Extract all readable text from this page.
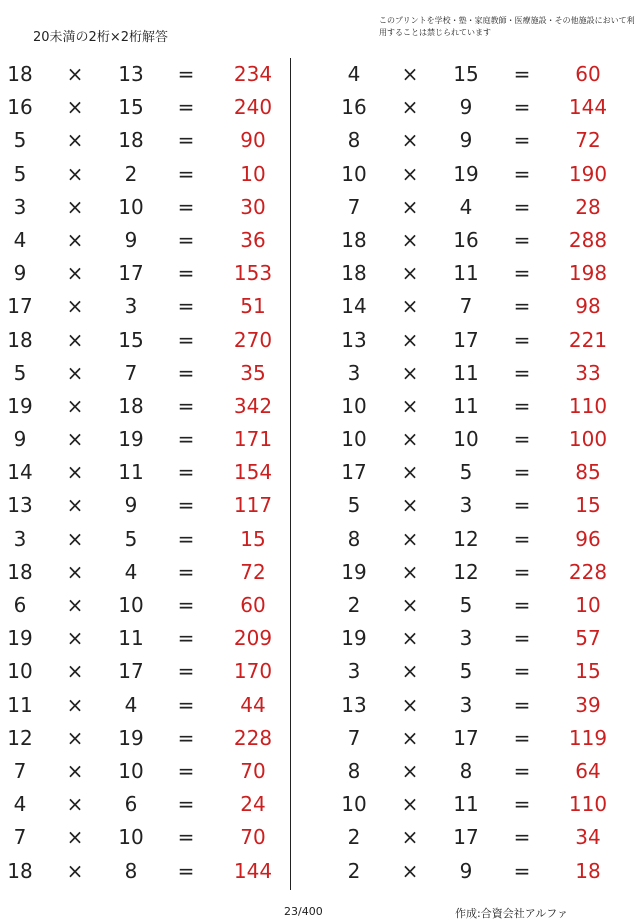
20未満の2桁×2桁解答
このプリントを学校・塾・家庭教師・医療施設・その他施設において利用することは禁じられています
18	×	13	=	234
16	×	15	=	240
5	×	18	=	90
5	×	2	=	10
3	×	10	=	30
4	×	9	=	36
9	×	17	=	153
17	×	3	=	51
18	×	15	=	270
5	×	7	=	35
19	×	18	=	342
9	×	19	=	171
14	×	11	=	154
13	×	9	=	117
3	×	5	=	15
18	×	4	=	72
6	×	10	=	60
19	×	11	=	209
10	×	17	=	170
11	×	4	=	44
12	×	19	=	228
7	×	10	=	70
4	×	6	=	24
7	×	10	=	70
18	×	8	=	144
4	×	15	=	60
16	×	9	=	144
8	×	9	=	72
10	×	19	=	190
7	×	4	=	28
18	×	16	=	288
18	×	11	=	198
14	×	7	=	98
13	×	17	=	221
3	×	11	=	33
10	×	11	=	110
10	×	10	=	100
17	×	5	=	85
5	×	3	=	15
8	×	12	=	96
19	×	12	=	228
2	×	5	=	10
19	×	3	=	57
3	×	5	=	15
13	×	3	=	39
7	×	17	=	119
8	×	8	=	64
10	×	11	=	110
2	×	17	=	34
2	×	9	=	18
23/400	作成:合資会社アルファ
